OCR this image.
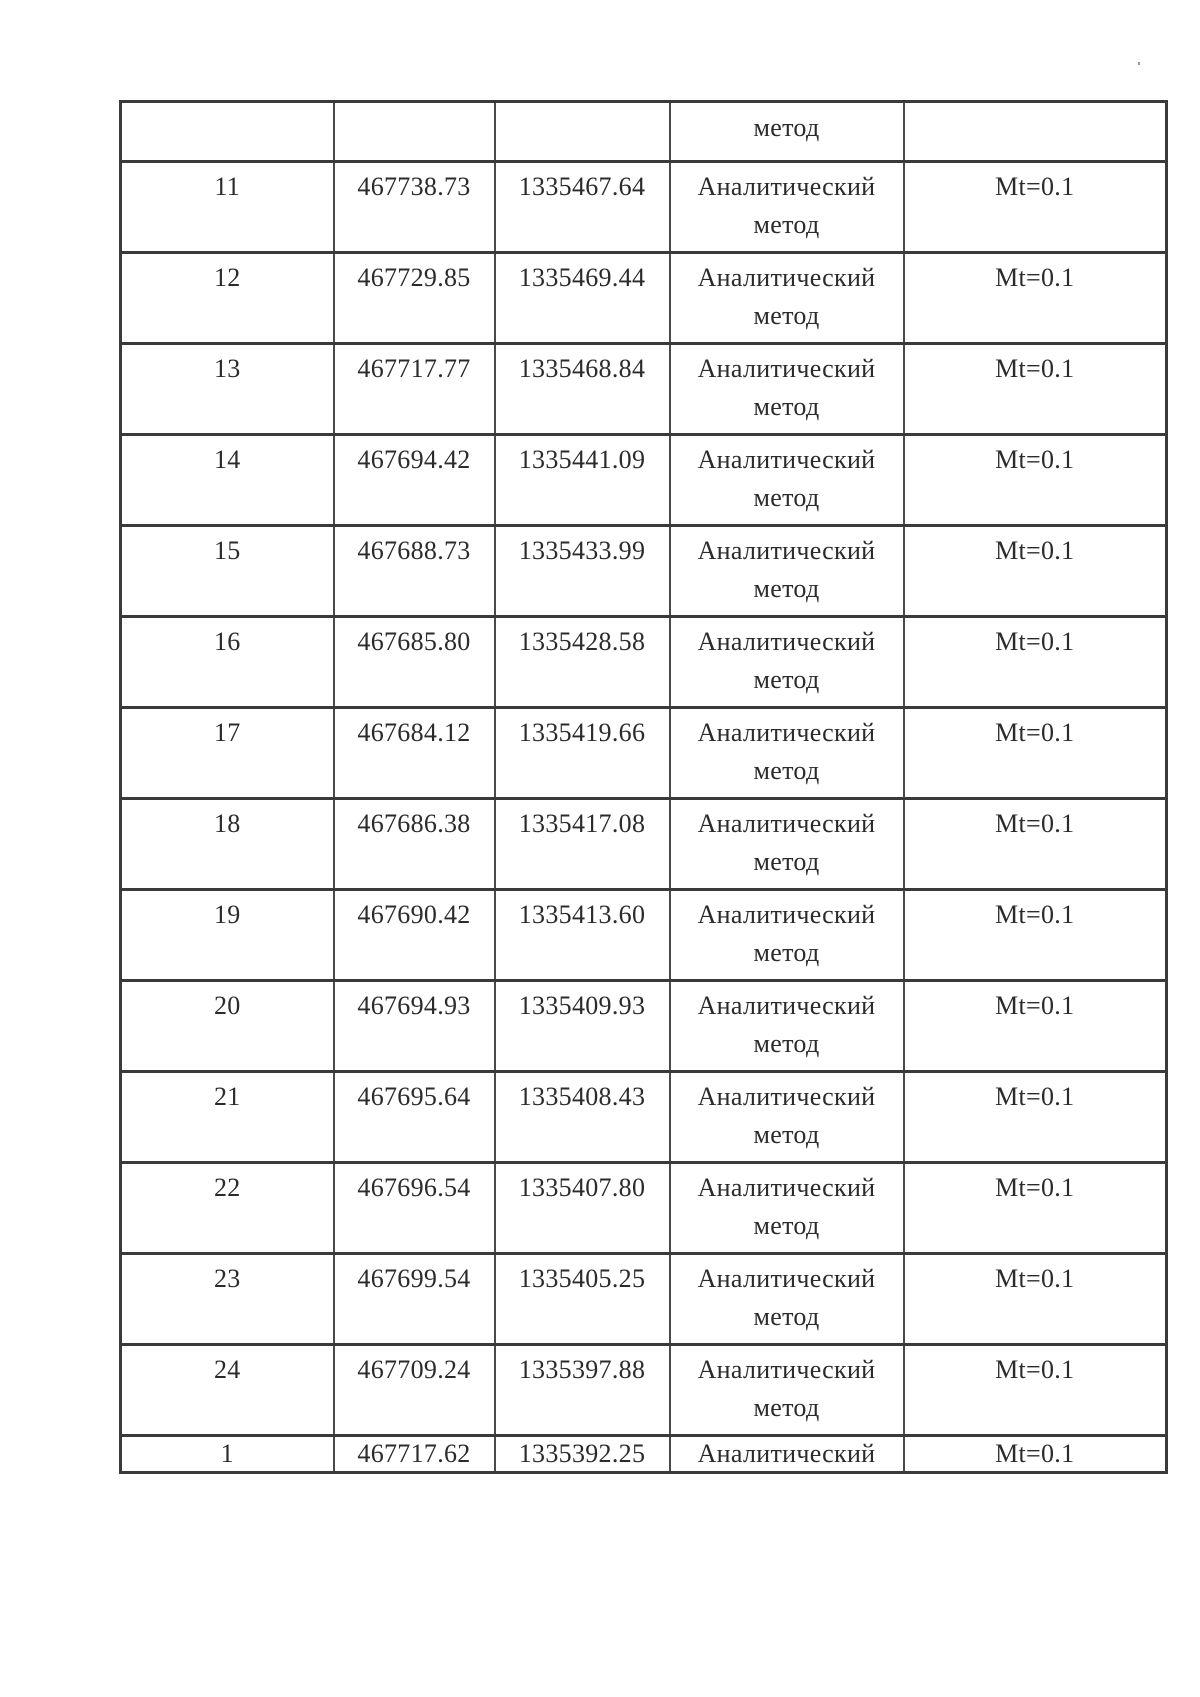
			метод	

11	467738.73	1335467.64	Аналитический
метод	Mt=0.1

12	467729.85	1335469.44	Аналитический
метод	Mt=0.1

13	467717.77	1335468.84	Аналитический
метод	Mt=0.1

14	467694.42	1335441.09	Аналитический
метод	Mt=0.1

15	467688.73	1335433.99	Аналитический
метод	Mt=0.1

16	467685.80	1335428.58	Аналитический
метод	Mt=0.1

17	467684.12	1335419.66	Аналитический
метод	Mt=0.1

18	467686.38	1335417.08	Аналитический
метод	Mt=0.1

19	467690.42	1335413.60	Аналитический
метод	Mt=0.1

20	467694.93	1335409.93	Аналитический
метод	Mt=0.1

21	467695.64	1335408.43	Аналитический
метод	Mt=0.1

22	467696.54	1335407.80	Аналитический
метод	Mt=0.1

23	467699.54	1335405.25	Аналитический
метод	Mt=0.1

24	467709.24	1335397.88	Аналитический
метод	Mt=0.1

1	467717.62	1335392.25	Аналитический	Mt=0.1
